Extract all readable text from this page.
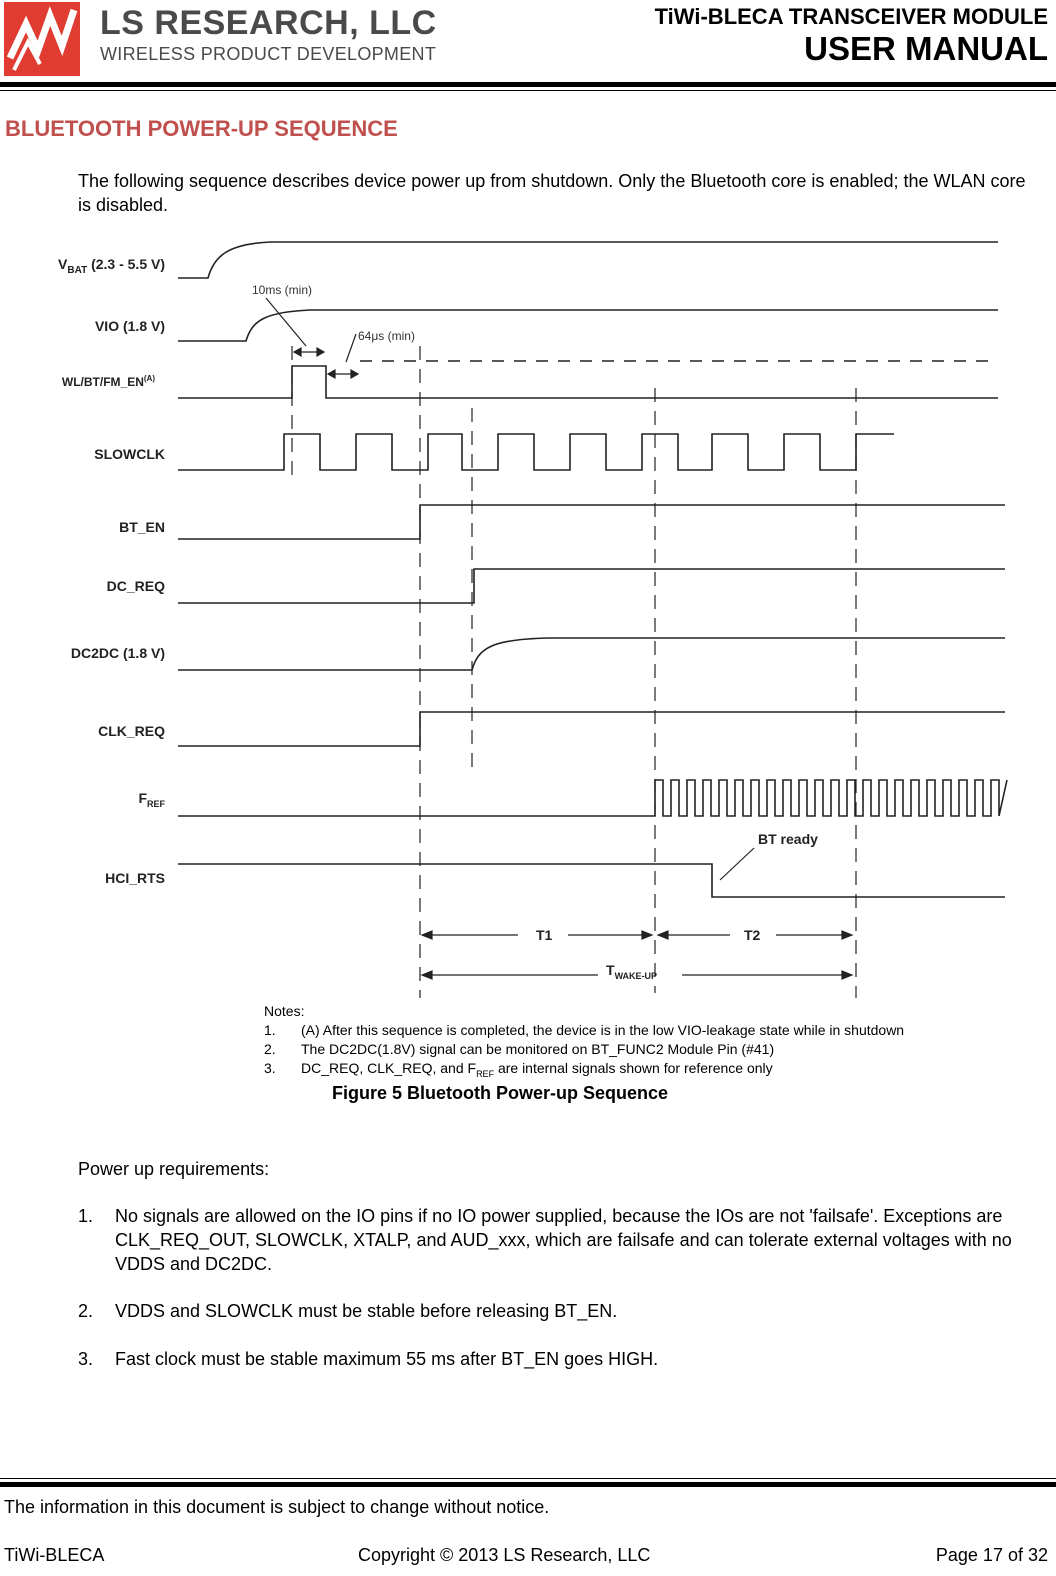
LS RESEARCH, LLC
WIRELESS PRODUCT DEVELOPMENT
TiWi-BLECA TRANSCEIVER MODULE
USER MANUAL
BLUETOOTH POWER-UP SEQUENCE
The following sequence describes device power up from shutdown. Only the Bluetooth core is enabled; the WLAN core is disabled.
$V_{BAT}$ (2.3 - 5.5 V)
VIO (1.8 V)
$WL/BT/FM\_EN^{(A)}$
SLOWCLK
BT_EN
DC_REQ
DC2DC (1.8 V)
CLK_REQ
$F_{REF}$
HCI_RTS
10ms (min)
64μs (min)
BT ready
T1	T2
$T_{WAKE-UP}$
Notes:
1. (A) After this sequence is completed, the device is in the low VIO-leakage state while in shutdown
2. The DC2DC(1.8V) signal can be monitored on BT_FUNC2 Module Pin (#41)
3. DC_REQ, CLK_REQ, and $F_{REF}$ are internal signals shown for reference only
Figure 5 Bluetooth Power-up Sequence
Power up requirements:
1. No signals are allowed on the IO pins if no IO power supplied, because the IOs are not 'failsafe'. Exceptions are CLK_REQ_OUT, SLOWCLK, XTALP, and AUD_xxx, which are failsafe and can tolerate external voltages with no VDDS and DC2DC.
2. VDDS and SLOWCLK must be stable before releasing BT_EN.
3. Fast clock must be stable maximum 55 ms after BT_EN goes HIGH.
The information in this document is subject to change without notice.
TiWi-BLECA	Copyright © 2013 LS Research, LLC	Page 17 of 32
